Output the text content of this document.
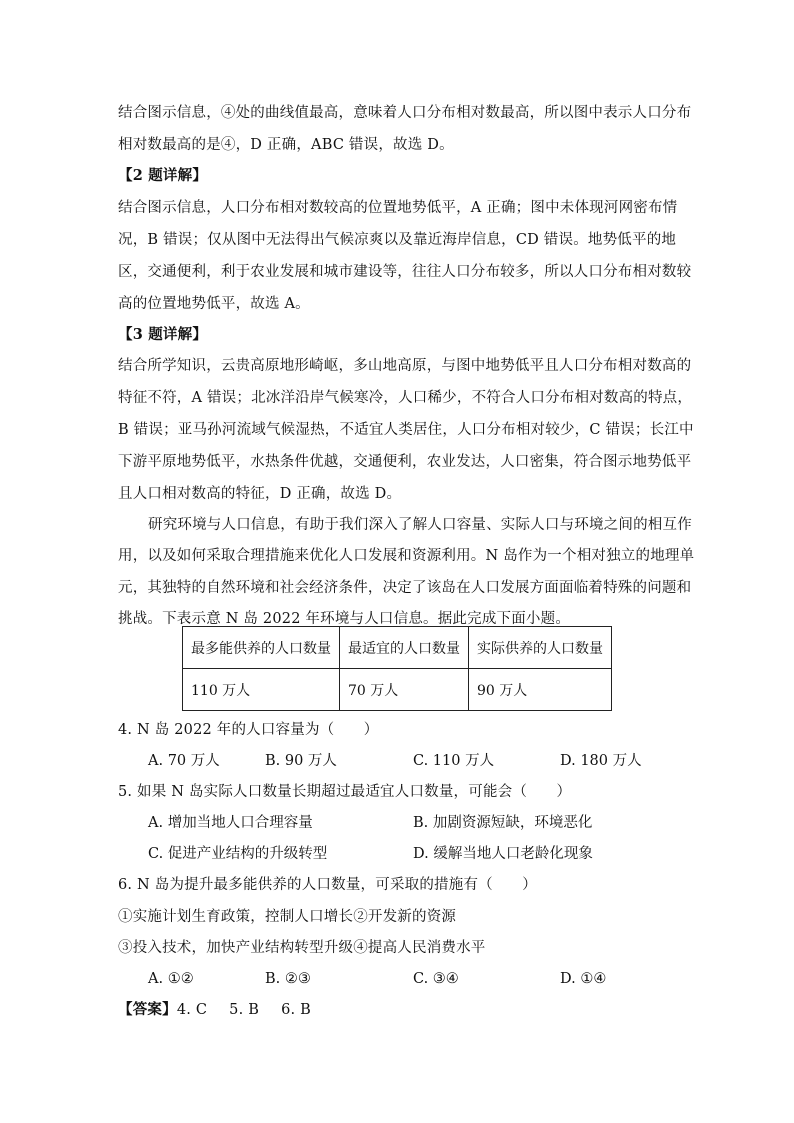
结合图示信息，④处的曲线值最高，意味着人口分布相对数最高，所以图中表示人口分布
相对数最高的是④，D 正确，ABC 错误，故选 D。
【2 题详解】
结合图示信息，人口分布相对数较高的位置地势低平，A 正确；图中未体现河网密布情
况，B 错误；仅从图中无法得出气候凉爽以及靠近海岸信息，CD 错误。地势低平的地
区，交通便利，利于农业发展和城市建设等，往往人口分布较多，所以人口分布相对数较
高的位置地势低平，故选 A。
【3 题详解】
结合所学知识，云贵高原地形崎岖，多山地高原，与图中地势低平且人口分布相对数高的
特征不符，A 错误；北冰洋沿岸气候寒冷，人口稀少，不符合人口分布相对数高的特点，
B 错误；亚马孙河流域气候湿热，不适宜人类居住，人口分布相对较少，C 错误；长江中
下游平原地势低平，水热条件优越，交通便利，农业发达，人口密集，符合图示地势低平
且人口相对数高的特征，D 正确，故选 D。
研究环境与人口信息，有助于我们深入了解人口容量、实际人口与环境之间的相互作
用，以及如何采取合理措施来优化人口发展和资源利用。N 岛作为一个相对独立的地理单
元，其独特的自然环境和社会经济条件，决定了该岛在人口发展方面面临着特殊的问题和
挑战。下表示意 N 岛 2022 年环境与人口信息。据此完成下面小题。
最多能供养的人口数量	最适宜的人口数量	实际供养的人口数量
110 万人	70 万人	90 万人
4. N 岛 2022 年的人口容量为（　　）
A. 70 万人	B. 90 万人	C. 110 万人	D. 180 万人
5. 如果 N 岛实际人口数量长期超过最适宜人口数量，可能会（　　）
A. 增加当地人口合理容量	B. 加剧资源短缺，环境恶化
C. 促进产业结构的升级转型	D. 缓解当地人口老龄化现象
6. N 岛为提升最多能供养的人口数量，可采取的措施有（　　）
①实施计划生育政策，控制人口增长②开发新的资源
③投入技术，加快产业结构转型升级④提高人民消费水平
A. ①②	B. ②③	C. ③④	D. ①④
【答案】4. C 5. B 6. B
